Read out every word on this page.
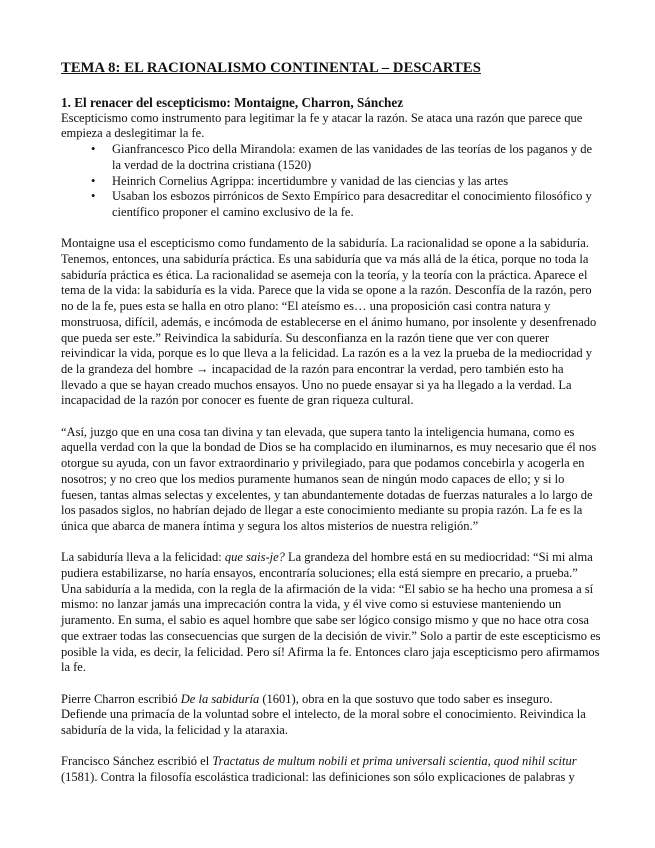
TEMA 8: EL RACIONALISMO CONTINENTAL – DESCARTES
1. El renacer del escepticismo: Montaigne, Charron, Sánchez

Escepticismo como instrumento para legitimar la fe y atacar la razón. Se ataca una razón que parece que empieza a deslegitimar la fe.

• Gianfrancesco Pico della Mirandola: examen de las vanidades de las teorías de los paganos y de la verdad de la doctrina cristiana (1520)
• Heinrich Cornelius Agrippa: incertidumbre y vanidad de las ciencias y las artes
• Usaban los esbozos pirrónicos de Sexto Empírico para desacreditar el conocimiento filosófico y científico proponer el camino exclusivo de la fe.

Montaigne usa el escepticismo como fundamento de la sabiduría. La racionalidad se opone a la sabiduría. Tenemos, entonces, una sabiduría práctica. Es una sabiduría que va más allá de la ética, porque no toda la sabiduría práctica es ética. La racionalidad se asemeja con la teoría, y la teoría con la práctica. Aparece el tema de la vida: la sabiduría es la vida. Parece que la vida se opone a la razón. Desconfía de la razón, pero no de la fe, pues esta se halla en otro plano: “El ateísmo es… una proposición casi contra natura y monstruosa, difícil, además, e incómoda de establecerse en el ánimo humano, por insolente y desenfrenado que pueda ser este.” Reivindica la sabiduría. Su desconfianza en la razón tiene que ver con querer reivindicar la vida, porque es lo que lleva a la felicidad. La razón es a la vez la prueba de la mediocridad y de la grandeza del hombre → incapacidad de la razón para encontrar la verdad, pero también esto ha llevado a que se hayan creado muchos ensayos. Uno no puede ensayar si ya ha llegado a la verdad. La incapacidad de la razón por conocer es fuente de gran riqueza cultural.

“Así, juzgo que en una cosa tan divina y tan elevada, que supera tanto la inteligencia humana, como es aquella verdad con la que la bondad de Dios se ha complacido en iluminarnos, es muy necesario que él nos otorgue su ayuda, con un favor extraordinario y privilegiado, para que podamos concebirla y acogerla en nosotros; y no creo que los medios puramente humanos sean de ningún modo capaces de ello; y si lo fuesen, tantas almas selectas y excelentes, y tan abundantemente dotadas de fuerzas naturales a lo largo de los pasados siglos, no habrían dejado de llegar a este conocimiento mediante su propia razón. La fe es la única que abarca de manera íntima y segura los altos misterios de nuestra religión.”

La sabiduría lleva a la felicidad: que sais-je? La grandeza del hombre está en su mediocridad: “Si mi alma pudiera estabilizarse, no haría ensayos, encontraría soluciones; ella está siempre en precario, a prueba.” Una sabiduría a la medida, con la regla de la afirmación de la vida: “El sabio se ha hecho una promesa a sí mismo: no lanzar jamás una imprecación contra la vida, y él vive como si estuviese manteniendo un juramento. En suma, el sabio es aquel hombre que sabe ser lógico consigo mismo y que no hace otra cosa que extraer todas las consecuencias que surgen de la decisión de vivir.” Solo a partir de este escepticismo es posible la vida, es decir, la felicidad. Pero sí! Afirma la fe. Entonces claro jaja escepticismo pero afirmamos la fe.

Pierre Charron escribió De la sabiduría (1601), obra en la que sostuvo que todo saber es inseguro. Defiende una primacía de la voluntad sobre el intelecto, de la moral sobre el conocimiento. Reivindica la sabiduría de la vida, la felicidad y la ataraxia.

Francisco Sánchez escribió el Tractatus de multum nobili et prima universali scientia, quod nihil scitur (1581). Contra la filosofía escolástica tradicional: las definiciones son sólo explicaciones de palabras y
